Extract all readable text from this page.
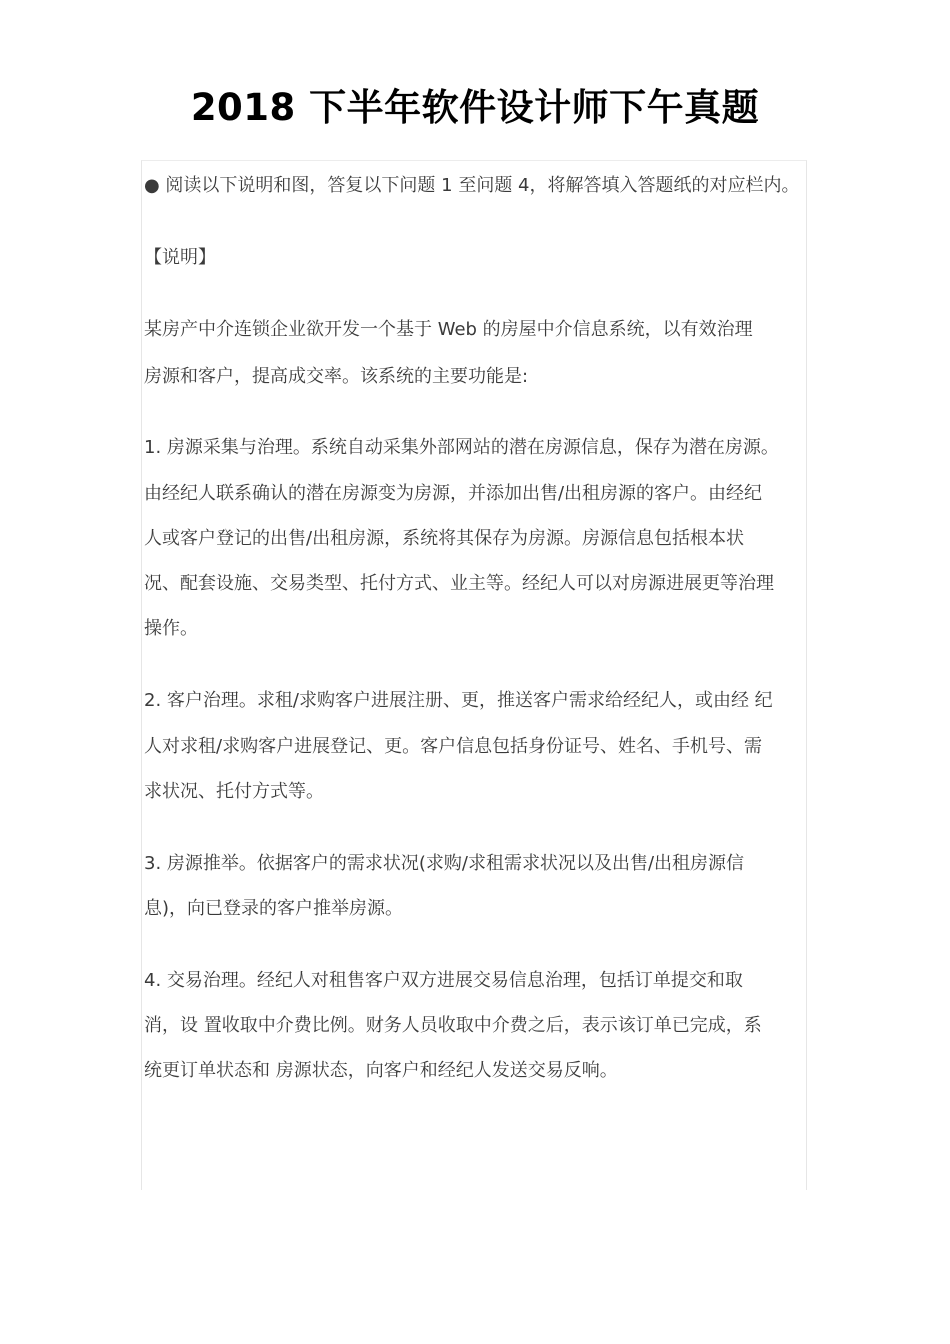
2018 下半年软件设计师下午真题
● 阅读以下说明和图，答复以下问题 1 至问题 4，将解答填入答题纸的对应栏内。
【说明】
某房产中介连锁企业欲开发一个基于 Web 的房屋中介信息系统，以有效治理
房源和客户，提高成交率。该系统的主要功能是:
1. 房源采集与治理。系统自动采集外部网站的潜在房源信息，保存为潜在房源。
由经纪人联系确认的潜在房源变为房源，并添加出售/出租房源的客户。由经纪
人或客户登记的出售/出租房源，系统将其保存为房源。房源信息包括根本状
况、配套设施、交易类型、托付方式、业主等。经纪人可以对房源进展更等治理
操作。
2. 客户治理。求租/求购客户进展注册、更，推送客户需求给经纪人，或由经 纪
人对求租/求购客户进展登记、更。客户信息包括身份证号、姓名、手机号、需
求状况、托付方式等。
3. 房源推举。依据客户的需求状况(求购/求租需求状况以及出售/出租房源信
息)，向已登录的客户推举房源。
4. 交易治理。经纪人对租售客户双方进展交易信息治理，包括订单提交和取
消，设 置收取中介费比例。财务人员收取中介费之后，表示该订单已完成，系
统更订单状态和 房源状态，向客户和经纪人发送交易反响。
